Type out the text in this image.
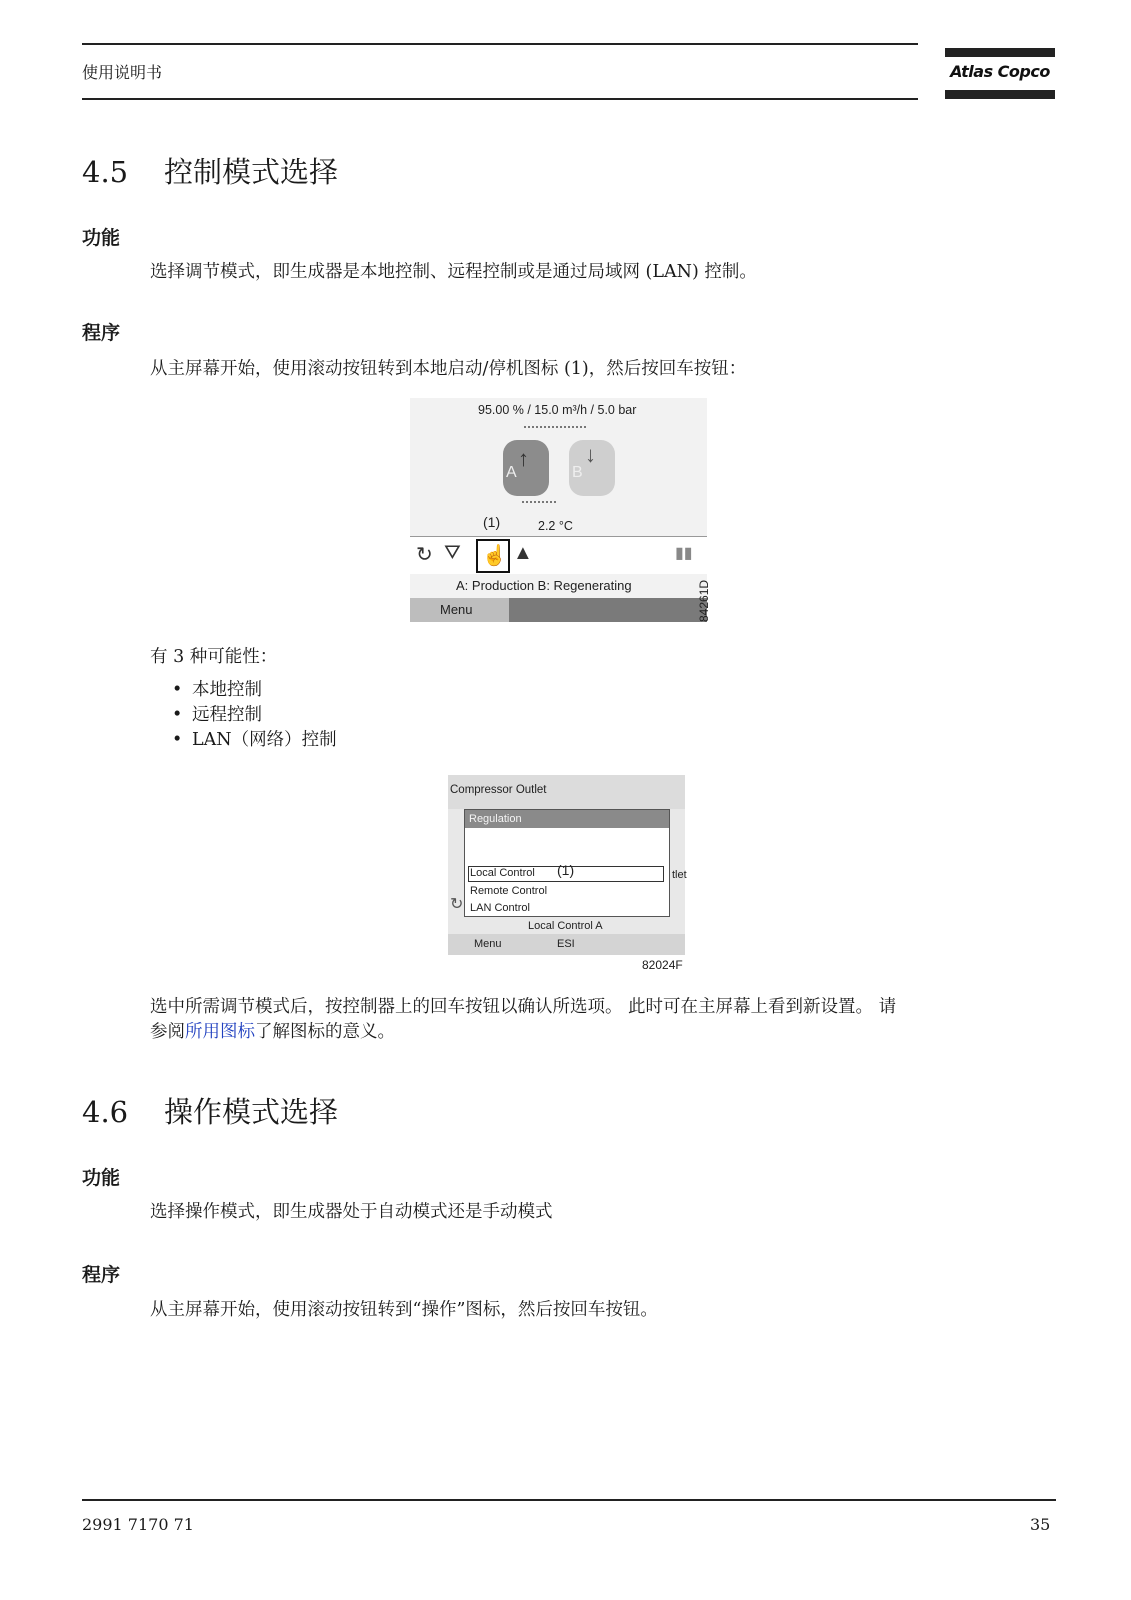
使用说明书	Atlas Copco
4.5 控制模式选择
功能
选择调节模式，即生成器是本地控制、远程控制或是通过局域网 (LAN) 控制。
程序
从主屏幕开始，使用滚动按钮转到本地启动/停机图标 (1)，然后按回车按钮：
95.00 % / 15.0 m³/h / 5.0 bar
A
↑
B
↓
(1)	2.2 °C
↻ ⛛ ☝ ▲	▮▮
A: Production B: Regenerating
Menu	84261D
有 3 种可能性：
• 本地控制
• 远程控制
• LAN（网络）控制
Compressor Outlet
tlet
↻
Regulation
Local Control (1)
Remote Control
LAN Control
Local Control A
Menu	ESI
82024F
选中所需调节模式后，按控制器上的回车按钮以确认所选项。 此时可在主屏幕上看到新设置。 请
参阅所用图标了解图标的意义。
4.6 操作模式选择
功能
选择操作模式，即生成器处于自动模式还是手动模式
程序
从主屏幕开始，使用滚动按钮转到“操作”图标，然后按回车按钮。
2991 7170 71	35
